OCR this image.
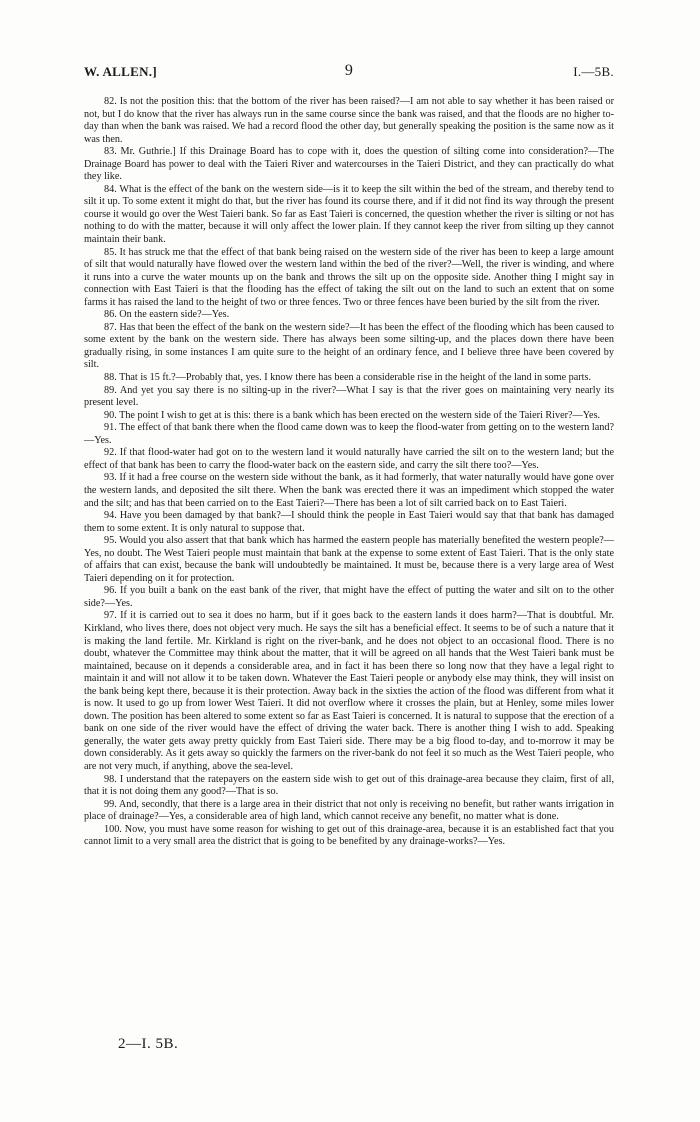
W. ALLEN.]	9	I.—5B.

82. Is not the position this: that the bottom of the river has been raised?—I am not able to say whether it has been raised or not, but I do know that the river has always run in the same course since the bank was raised, and that the floods are no higher to-day than when the bank was raised. We had a record flood the other day, but generally speaking the position is the same now as it was then.

83. Mr. Guthrie.] If this Drainage Board has to cope with it, does the question of silting come into consideration?—The Drainage Board has power to deal with the Taieri River and watercourses in the Taieri District, and they can practically do what they like.

84. What is the effect of the bank on the western side—is it to keep the silt within the bed of the stream, and thereby tend to silt it up. To some extent it might do that, but the river has found its course there, and if it did not find its way through the present course it would go over the West Taieri bank. So far as East Taieri is concerned, the question whether the river is silting or not has nothing to do with the matter, because it will only affect the lower plain. If they cannot keep the river from silting up they cannot maintain their bank.

85. It has struck me that the effect of that bank being raised on the western side of the river has been to keep a large amount of silt that would naturally have flowed over the western land within the bed of the river?—Well, the river is winding, and where it runs into a curve the water mounts up on the bank and throws the silt up on the opposite side. Another thing I might say in connection with East Taieri is that the flooding has the effect of taking the silt out on the land to such an extent that on some farms it has raised the land to the height of two or three fences. Two or three fences have been buried by the silt from the river.

86. On the eastern side?—Yes.

87. Has that been the effect of the bank on the western side?—It has been the effect of the flooding which has been caused to some extent by the bank on the western side. There has always been some silting-up, and the places down there have been gradually rising, in some instances I am quite sure to the height of an ordinary fence, and I believe three have been covered by silt.

88. That is 15 ft.?—Probably that, yes. I know there has been a considerable rise in the height of the land in some parts.

89. And yet you say there is no silting-up in the river?—What I say is that the river goes on maintaining very nearly its present level.

90. The point I wish to get at is this: there is a bank which has been erected on the western side of the Taieri River?—Yes.

91. The effect of that bank there when the flood came down was to keep the flood-water from getting on to the western land?—Yes.

92. If that flood-water had got on to the western land it would naturally have carried the silt on to the western land; but the effect of that bank has been to carry the flood-water back on the eastern side, and carry the silt there too?—Yes.

93. If it had a free course on the western side without the bank, as it had formerly, that water naturally would have gone over the western lands, and deposited the silt there. When the bank was erected there it was an impediment which stopped the water and the silt; and has that been carried on to the East Taieri?—There has been a lot of silt carried back on to East Taieri.

94. Have you been damaged by that bank?—I should think the people in East Taieri would say that that bank has damaged them to some extent. It is only natural to suppose that.

95. Would you also assert that that bank which has harmed the eastern people has materially benefited the western people?—Yes, no doubt. The West Taieri people must maintain that bank at the expense to some extent of East Taieri. That is the only state of affairs that can exist, because the bank will undoubtedly be maintained. It must be, because there is a very large area of West Taieri depending on it for protection.

96. If you built a bank on the east bank of the river, that might have the effect of putting the water and silt on to the other side?—Yes.

97. If it is carried out to sea it does no harm, but if it goes back to the eastern lands it does harm?—That is doubtful. Mr. Kirkland, who lives there, does not object very much. He says the silt has a beneficial effect. It seems to be of such a nature that it is making the land fertile. Mr. Kirkland is right on the river-bank, and he does not object to an occasional flood. There is no doubt, whatever the Committee may think about the matter, that it will be agreed on all hands that the West Taieri bank must be maintained, because on it depends a considerable area, and in fact it has been there so long now that they have a legal right to maintain it and will not allow it to be taken down. Whatever the East Taieri people or anybody else may think, they will insist on the bank being kept there, because it is their protection. Away back in the sixties the action of the flood was different from what it is now. It used to go up from lower West Taieri. It did not overflow where it crosses the plain, but at Henley, some miles lower down. The position has been altered to some extent so far as East Taieri is concerned. It is natural to suppose that the erection of a bank on one side of the river would have the effect of driving the water back. There is another thing I wish to add. Speaking generally, the water gets away pretty quickly from East Taieri side. There may be a big flood to-day, and to-morrow it may be down considerably. As it gets away so quickly the farmers on the river-bank do not feel it so much as the West Taieri people, who are not very much, if anything, above the sea-level.

98. I understand that the ratepayers on the eastern side wish to get out of this drainage-area because they claim, first of all, that it is not doing them any good?—That is so.

99. And, secondly, that there is a large area in their district that not only is receiving no benefit, but rather wants irrigation in place of drainage?—Yes, a considerable area of high land, which cannot receive any benefit, no matter what is done.

100. Now, you must have some reason for wishing to get out of this drainage-area, because it is an established fact that you cannot limit to a very small area the district that is going to be benefited by any drainage-works?—Yes.

2—I. 5B.
